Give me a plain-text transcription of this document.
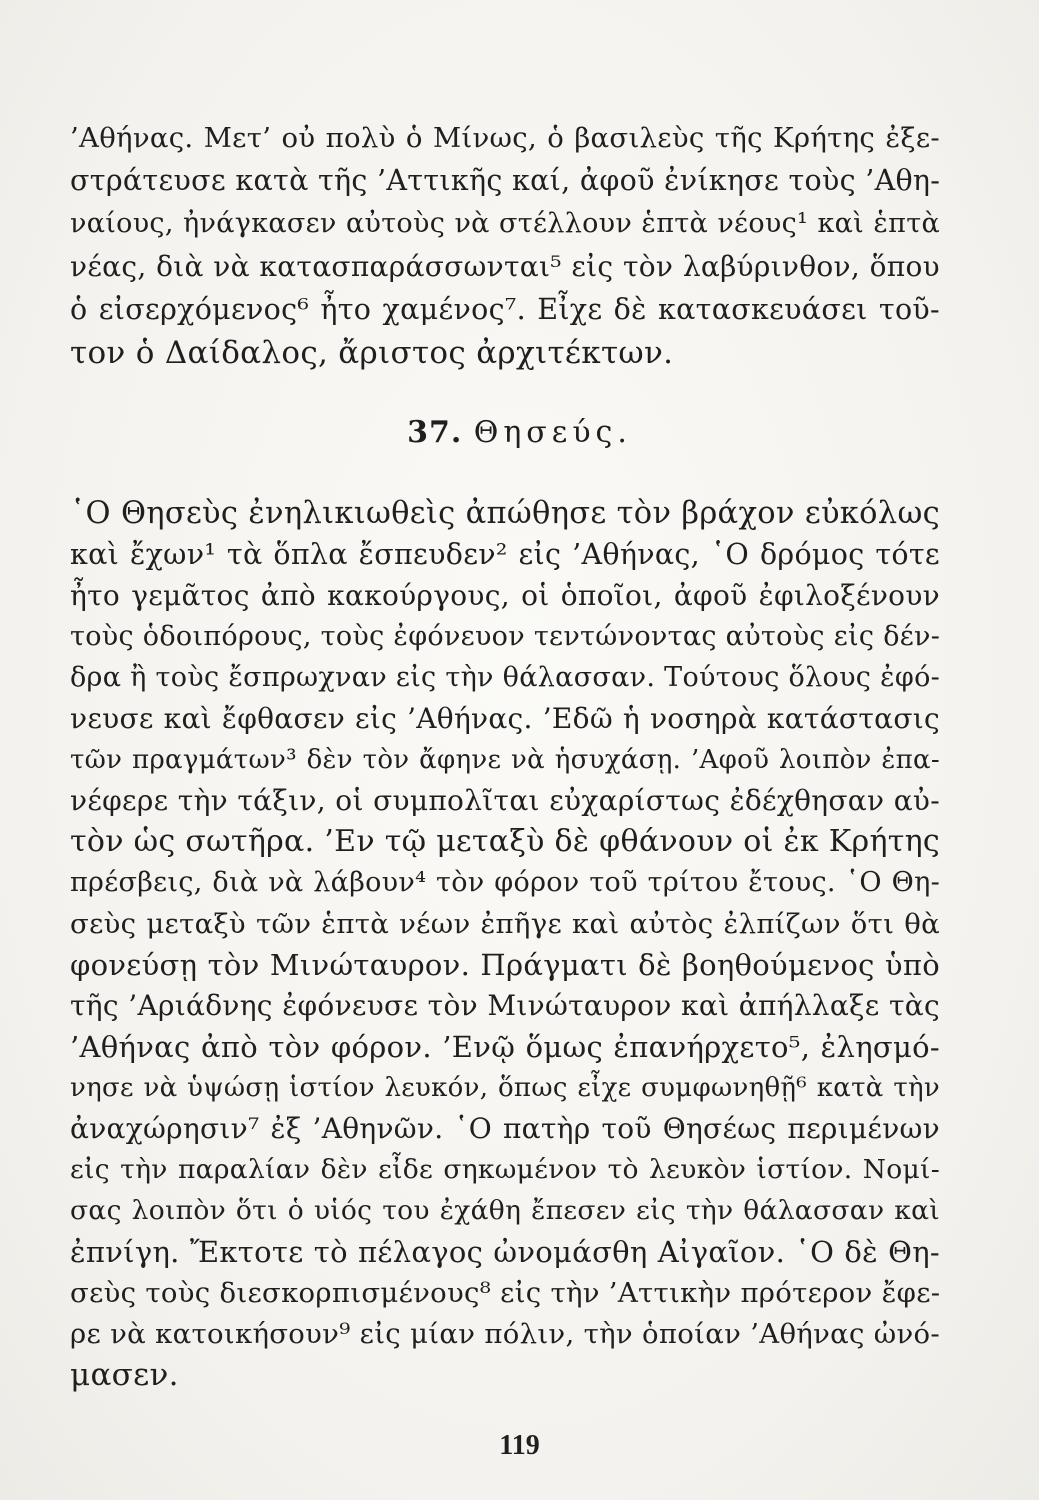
’Αθήνας. Μετ’ οὐ πολὺ ὁ Μίνως, ὁ βασιλεὺς τῆς Κρήτης ἐξε-
στράτευσε κατὰ τῆς ’Αττικῆς καί, ἀφοῦ ἐνίκησε τοὺς ’Αθη-
ναίους, ἠνάγκασεν αὐτοὺς νὰ στέλλουν ἑπτὰ νέους¹ καὶ ἑπτὰ
νέας, διὰ νὰ κατασπαράσσωνται⁵ εἰς τὸν λαβύρινθον, ὅπου
ὁ εἰσερχόμενος⁶ ἦτο χαμένος⁷. Εἶχε δὲ κατασκευάσει τοῦ-
τον ὁ Δαίδαλος, ἄριστος ἀρχιτέκτων.
37. Θησεύς.
῾Ο Θησεὺς ἐνηλικιωθεὶς ἀπώθησε τὸν βράχον εὐκόλως
καὶ ἔχων¹ τὰ ὅπλα ἔσπευδεν² εἰς ’Αθήνας, ῾Ο δρόμος τότε
ἦτο γεμᾶτος ἀπὸ κακούργους, οἱ ὁποῖοι, ἀφοῦ ἐφιλοξένουν
τοὺς ὁδοιπόρους, τοὺς ἐφόνευον τεντώνοντας αὐτοὺς εἰς δέν-
δρα ἢ τοὺς ἔσπρωχναν εἰς τὴν θάλασσαν. Τούτους ὅλους ἐφό-
νευσε καὶ ἔφθασεν εἰς ’Αθήνας. ’Εδῶ ἡ νοσηρὰ κατάστασις
τῶν πραγμάτων³ δὲν τὸν ἄφηνε νὰ ἡσυχάσῃ. ’Αφοῦ λοιπὸν ἐπα-
νέφερε τὴν τάξιν, οἱ συμπολῖται εὐχαρίστως ἐδέχθησαν αὐ-
τὸν ὡς σωτῆρα. ’Εν τῷ μεταξὺ δὲ φθάνουν οἱ ἐκ Κρήτης
πρέσβεις, διὰ νὰ λάβουν⁴ τὸν φόρον τοῦ τρίτου ἔτους. ῾Ο Θη-
σεὺς μεταξὺ τῶν ἑπτὰ νέων ἐπῆγε καὶ αὐτὸς ἐλπίζων ὅτι θὰ
φονεύσῃ τὸν Μινώταυρον. Πράγματι δὲ βοηθούμενος ὑπὸ
τῆς ’Αριάδνης ἐφόνευσε τὸν Μινώταυρον καὶ ἀπήλλαξε τὰς
’Αθήνας ἀπὸ τὸν φόρον. ’Ενῷ ὅμως ἐπανήρχετο⁵, ἐλησμό-
νησε νὰ ὑψώσῃ ἱστίον λευκόν, ὅπως εἶχε συμφωνηθῇ⁶ κατὰ τὴν
ἀναχώρησιν⁷ ἐξ ’Αθηνῶν. ῾Ο πατὴρ τοῦ Θησέως περιμένων
εἰς τὴν παραλίαν δὲν εἶδε σηκωμένον τὸ λευκὸν ἱστίον. Νομί-
σας λοιπὸν ὅτι ὁ υἱός του ἐχάθη ἔπεσεν εἰς τὴν θάλασσαν καὶ
ἐπνίγη. Ἔκτοτε τὸ πέλαγος ὠνομάσθη Αἰγαῖον. ῾Ο δὲ Θη-
σεὺς τοὺς διεσκορπισμένους⁸ εἰς τὴν ’Αττικὴν πρότερον ἔφε-
ρε νὰ κατοικήσουν⁹ εἰς μίαν πόλιν, τὴν ὁποίαν ’Αθήνας ὠνό-
μασεν.
119
